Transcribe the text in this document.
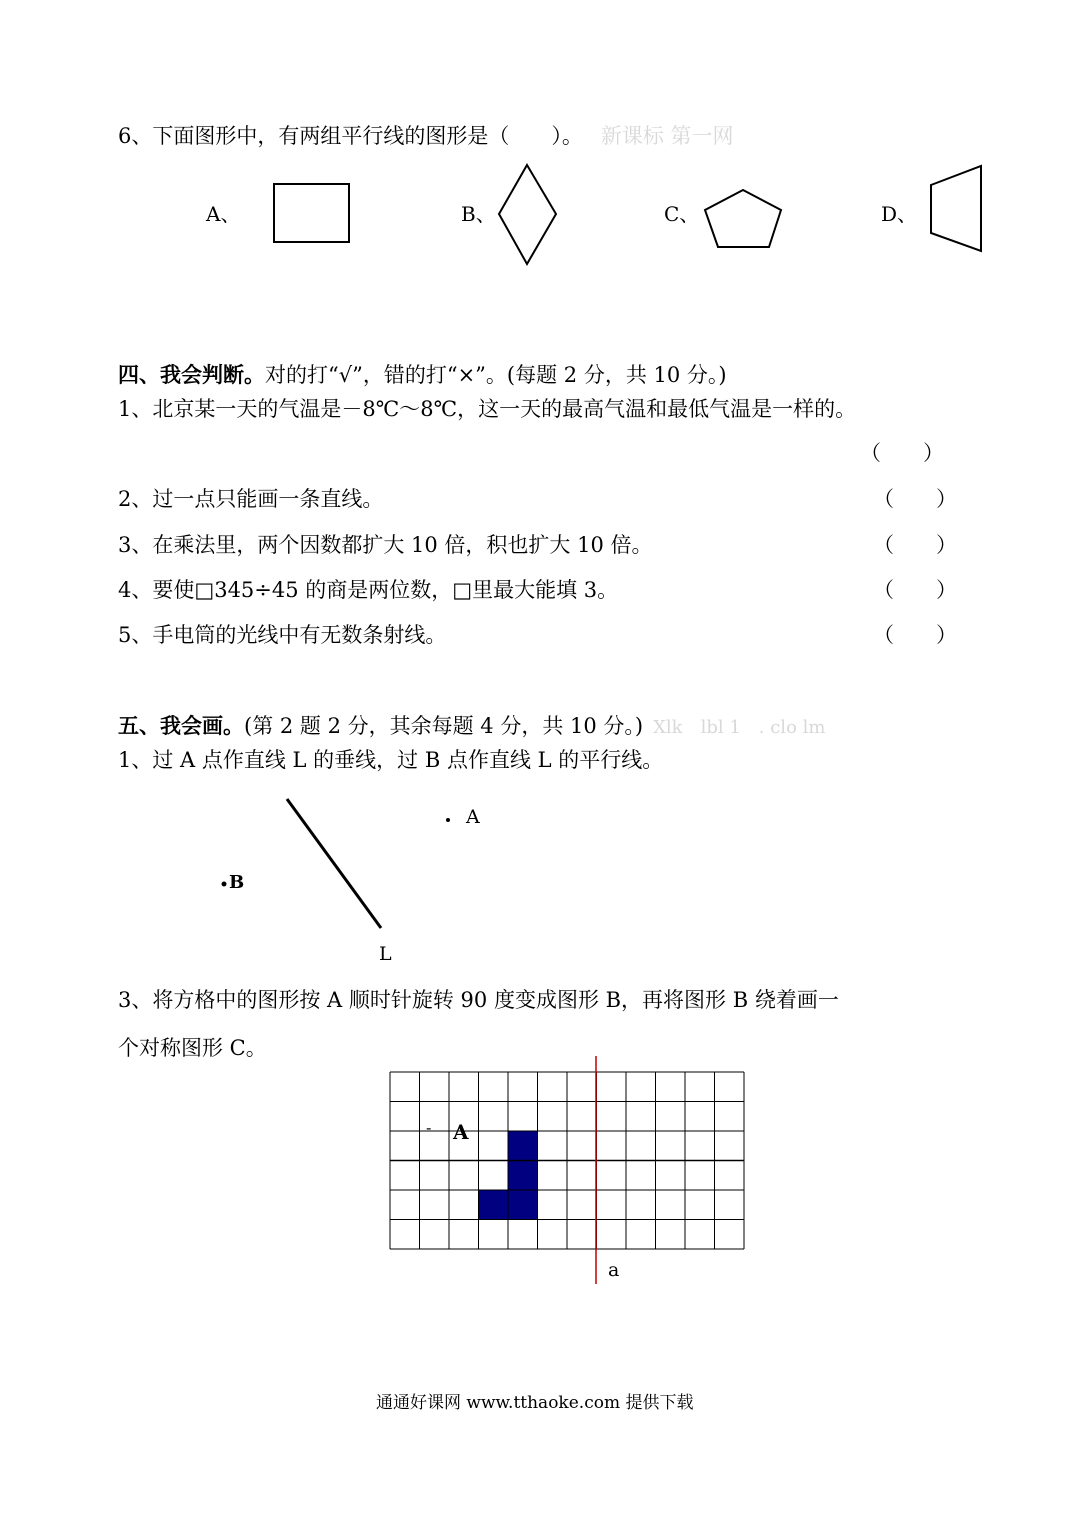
6、下面图形中，有两组平行线的图形是（　　）。 新课标 第一网
A、	B、	C、	D、
四、我会判断。对的打“√”，错的打“×”。(每题 2 分，共 10 分。)
1、北京某一天的气温是－8℃～8℃，这一天的最高气温和最低气温是一样的。
（　　）
2、过一点只能画一条直线。	（　　）
3、在乘法里，两个因数都扩大 10 倍，积也扩大 10 倍。	（　　）
4、要使□345÷45 的商是两位数，□里最大能填 3。	（　　）
5、手电筒的光线中有无数条射线。	（　　）
五、我会画。(第 2 题 2 分，其余每题 4 分，共 10 分。) Xlk　lbl 1　. clo lm
1、过 A 点作直线 L 的垂线，过 B 点作直线 L 的平行线。
A
B
L
3、将方格中的图形按 A 顺时针旋转 90 度变成图形 B，再将图形 B 绕着画一
个对称图形 C。
A
-
a
通通好课网 www.tthaoke.com 提供下载
